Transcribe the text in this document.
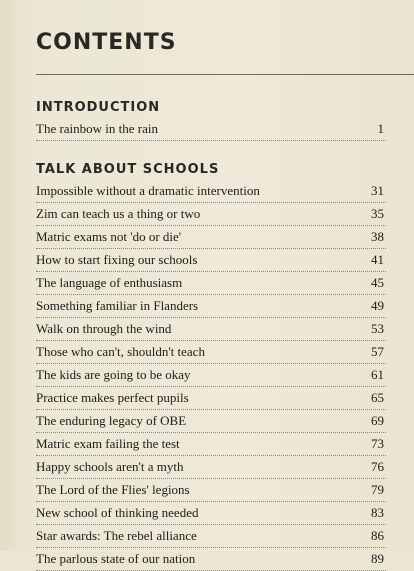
CONTENTS
INTRODUCTION
The rainbow in the rain	1
TALK ABOUT SCHOOLS
Impossible without a dramatic intervention	31
Zim can teach us a thing or two	35
Matric exams not 'do or die'	38
How to start fixing our schools	41
The language of enthusiasm	45
Something familiar in Flanders	49
Walk on through the wind	53
Those who can't, shouldn't teach	57
The kids are going to be okay	61
Practice makes perfect pupils	65
The enduring legacy of OBE	69
Matric exam failing the test	73
Happy schools aren't a myth	76
The Lord of the Flies' legions	79
New school of thinking needed	83
Star awards: The rebel alliance	86
The parlous state of our nation	89
